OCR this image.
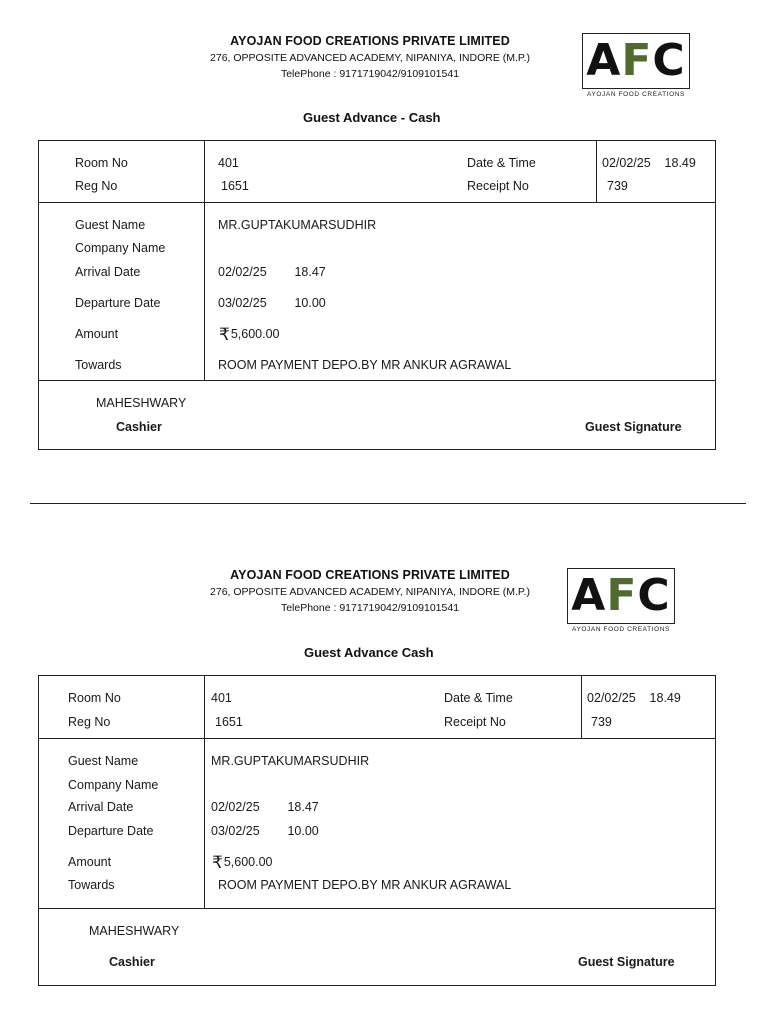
AYOJAN FOOD CREATIONS PRIVATE LIMITED
276, OPPOSITE ADVANCED ACADEMY, NIPANIYA, INDORE (M.P.)
TelePhone : 9171719042/9109101541	A F C
AYOJAN FOOD CREATIONS
Guest Advance - Cash
Room No	401	Date & Time	02/02/25    18.49
Reg No	1651	Receipt No	739
Guest Name	MR.GUPTAKUMARSUDHIR
Company Name
Arrival Date	02/02/25        18.47
Departure Date	03/02/25        10.00
Amount	₹5,600.00
Towards	ROOM PAYMENT DEPO.BY MR ANKUR AGRAWAL
MAHESHWARY
Cashier	Guest Signature
AYOJAN FOOD CREATIONS PRIVATE LIMITED
276, OPPOSITE ADVANCED ACADEMY, NIPANIYA, INDORE (M.P.)
TelePhone : 9171719042/9109101541	A F C
AYOJAN FOOD CREATIONS
Guest Advance Cash
Room No	401	Date & Time	02/02/25    18.49
Reg No	1651	Receipt No	739
Guest Name	MR.GUPTAKUMARSUDHIR
Company Name
Arrival Date	02/02/25        18.47
Departure Date	03/02/25        10.00
Amount	₹5,600.00
Towards	ROOM PAYMENT DEPO.BY MR ANKUR AGRAWAL
MAHESHWARY
Cashier	Guest Signature
